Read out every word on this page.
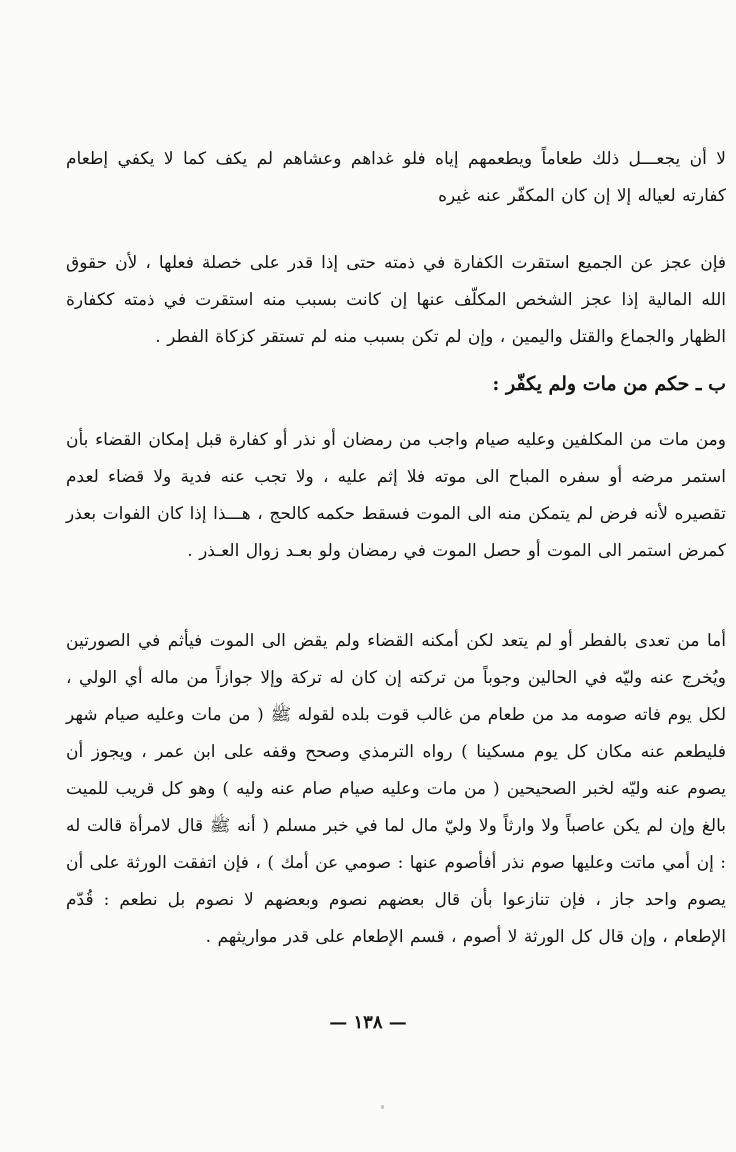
لا أن يجعـــل ذلك طعاماً ويطعمهم إياه فلو غداهم وعشاهم لم يكف كما لا يكفي إطعام كفارته لعياله إلا إن كان المكفّر عنه غيره

فإن عجز عن الجميع استقرت الكفارة في ذمته حتى إذا قدر على خصلة فعلها ، لأن حقوق الله المالية إذا عجز الشخص المكلّف عنها إن كانت بسبب منه استقرت في ذمته ككفارة الظهار والجماع والقتل واليمين ، وإن لم تكن بسبب منه لم تستقر كزكاة الفطر .

ب ـ حكم من مات ولم يكفّر :

ومن مات من المكلفين وعليه صيام واجب من رمضان أو نذر أو كفارة قبل إمكان القضاء بأن استمر مرضه أو سفره المباح الى موته فلا إثم عليه ، ولا تجب عنه فدية ولا قضاء لعدم تقصيره لأنه فرض لم يتمكن منه الى الموت فسقط حكمه كالحج ، هـــذا إذا كان الفوات بعذر كمرض استمر الى الموت أو حصل الموت في رمضان ولو بعـد زوال العـذر .

أما من تعدى بالفطر أو لم يتعد لكن أمكنه القضاء ولم يقض الى الموت فيأثم في الصورتين ويُخرج عنه وليّه في الحالين وجوباً من تركته إن كان له تركة وإلا جوازاً من ماله أي الولي ، لكل يوم فاته صومه مد من طعام من غالب قوت بلده لقوله ﷺ ( من مات وعليه صيام شهر فليطعم عنه مكان كل يوم مسكينا ) رواه الترمذي وصحح وقفه على ابن عمر ، ويجوز أن يصوم عنه وليّه لخبر الصحيحين ( من مات وعليه صيام صام عنه وليه ) وهو كل قريب للميت بالغ وإن لم يكن عاصباً ولا وارثاً ولا وليّ مال لما في خبر مسلم ( أنه ﷺ قال لامرأة قالت له : إن أمي ماتت وعليها صوم نذر أفأصوم عنها : صومي عن أمك ) ، فإن اتفقت الورثة على أن يصوم واحد جاز ، فإن تنازعوا بأن قال بعضهم نصوم وبعضهم لا نصوم بل نطعم : قُدّم الإطعام ، وإن قال كل الورثة لا أصوم ، قسم الإطعام على قدر مواريثهم .

— ١٣٨ —
